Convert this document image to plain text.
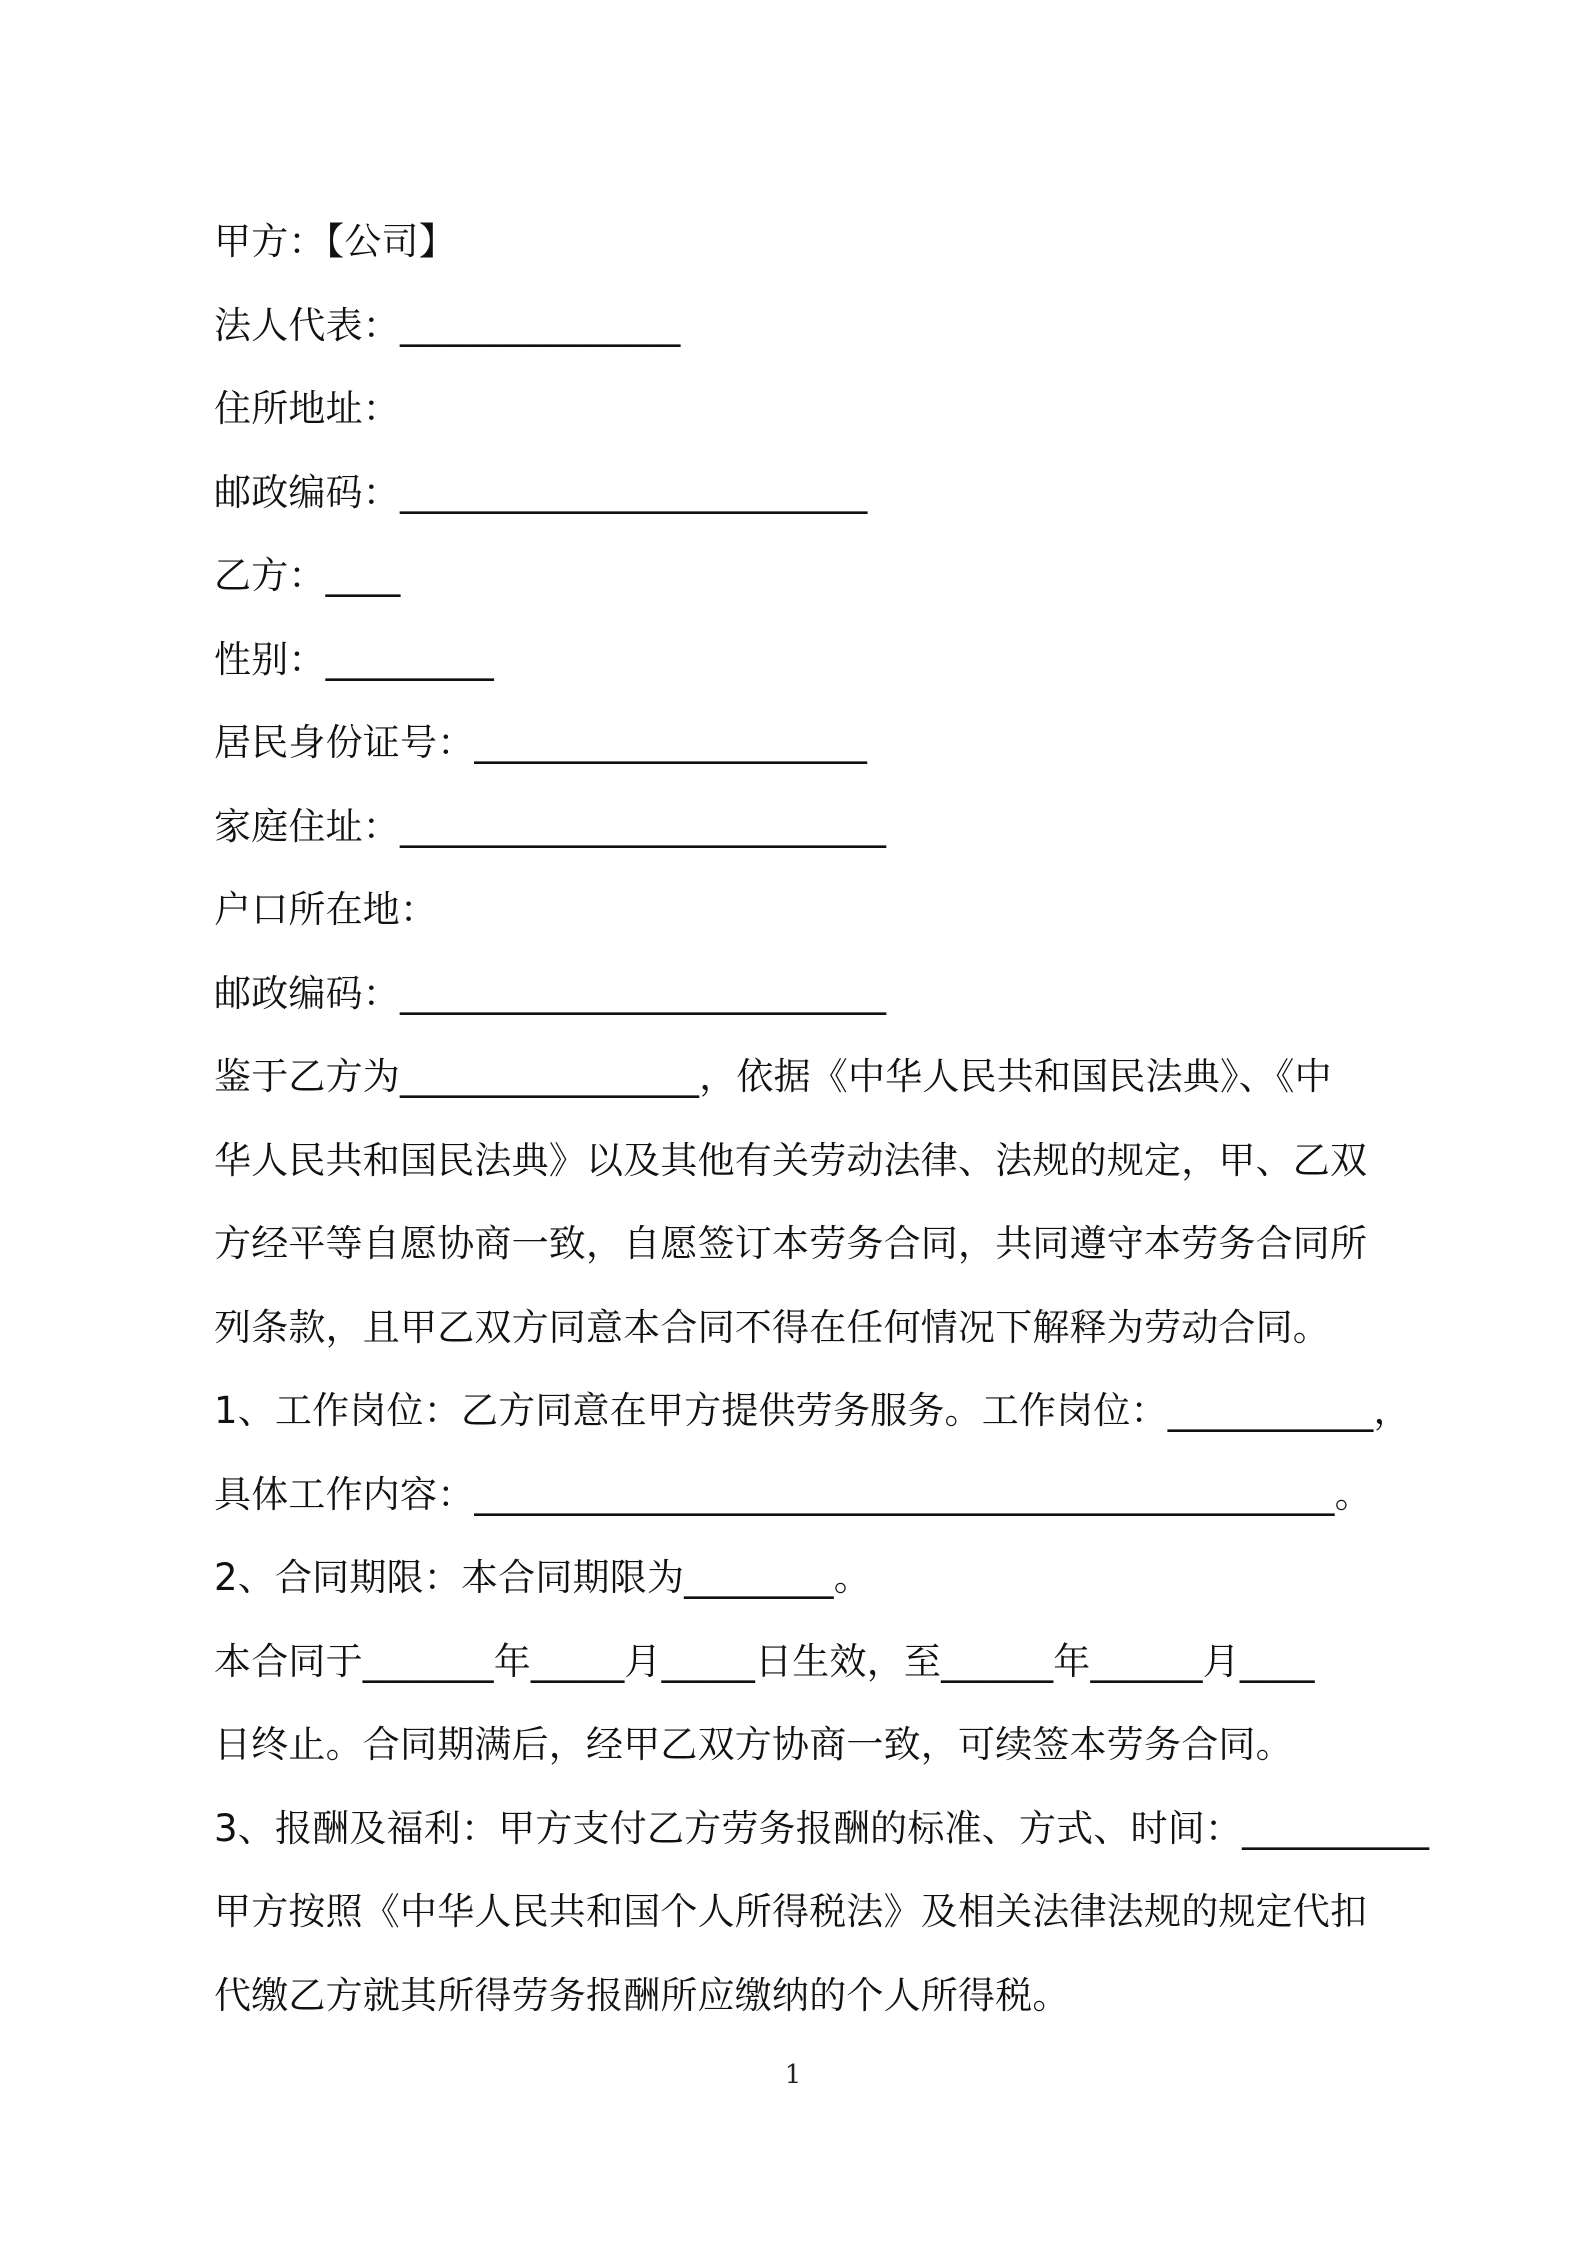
甲方：【公司】
法人代表：_______________
住所地址：
邮政编码：_________________________
乙方：____
性别：_________
居民身份证号：_____________________
家庭住址：__________________________
户口所在地：
邮政编码：__________________________
鉴于乙方为________________，依据《中华人民共和国民法典》、《中
华人民共和国民法典》以及其他有关劳动法律、法规的规定，甲、乙双
方经平等自愿协商一致，自愿签订本劳务合同，共同遵守本劳务合同所
列条款，且甲乙双方同意本合同不得在任何情况下解释为劳动合同。
1、工作岗位：乙方同意在甲方提供劳务服务。工作岗位：___________，
具体工作内容：______________________________________________。
2、合同期限：本合同期限为________。
本合同于_______年_____月_____日生效，至______年______月____
日终止。合同期满后，经甲乙双方协商一致，可续签本劳务合同。
3、报酬及福利：甲方支付乙方劳务报酬的标准、方式、时间：__________
甲方按照《中华人民共和国个人所得税法》及相关法律法规的规定代扣
代缴乙方就其所得劳务报酬所应缴纳的个人所得税。
1
